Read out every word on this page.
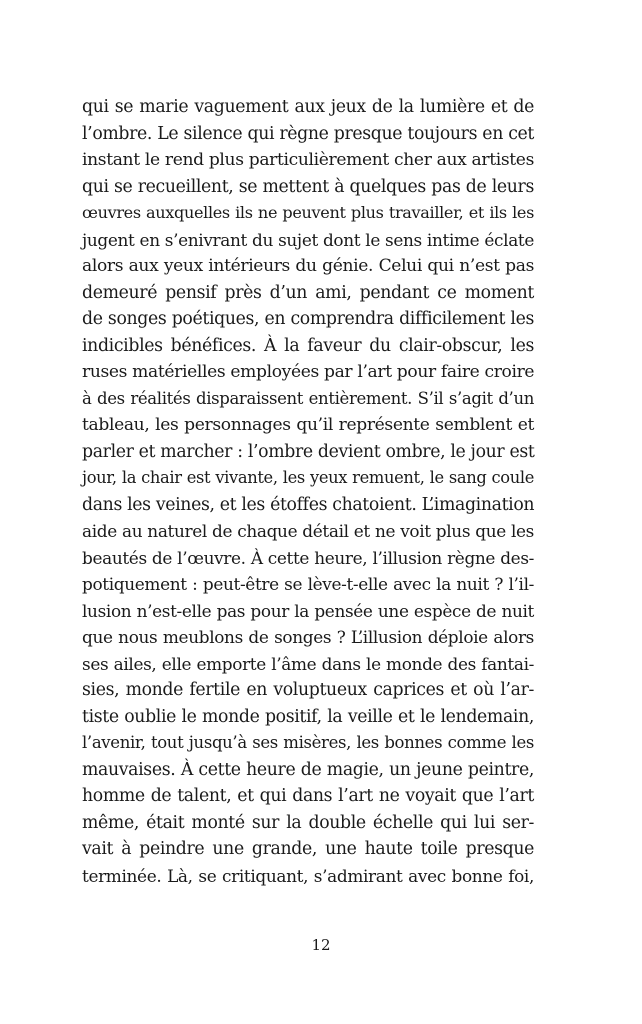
qui se marie vaguement aux jeux de la lumière et de
l’ombre. Le silence qui règne presque toujours en cet
instant le rend plus particulièrement cher aux artistes
qui se recueillent, se mettent à quelques pas de leurs
œuvres auxquelles ils ne peuvent plus travailler, et ils les
jugent en s’enivrant du sujet dont le sens intime éclate
alors aux yeux intérieurs du génie. Celui qui n’est pas
demeuré pensif près d’un ami, pendant ce moment
de songes poétiques, en comprendra difficilement les
indicibles bénéfices. À la faveur du clair-obscur, les
ruses matérielles employées par l’art pour faire croire
à des réalités disparaissent entièrement. S’il s’agit d’un
tableau, les personnages qu’il représente semblent et
parler et marcher : l’ombre devient ombre, le jour est
jour, la chair est vivante, les yeux remuent, le sang coule
dans les veines, et les étoffes chatoient. L’imagination
aide au naturel de chaque détail et ne voit plus que les
beautés de l’œuvre. À cette heure, l’illusion règne des-
potiquement : peut-être se lève-t-elle avec la nuit ? l’il-
lusion n’est-elle pas pour la pensée une espèce de nuit
que nous meublons de songes ? L’illusion déploie alors
ses ailes, elle emporte l’âme dans le monde des fantai-
sies, monde fertile en voluptueux caprices et où l’ar-
tiste oublie le monde positif, la veille et le lendemain,
l’avenir, tout jusqu’à ses misères, les bonnes comme les
mauvaises. À cette heure de magie, un jeune peintre,
homme de talent, et qui dans l’art ne voyait que l’art
même, était monté sur la double échelle qui lui ser-
vait à peindre une grande, une haute toile presque
terminée. Là, se critiquant, s’admirant avec bonne foi,
12
